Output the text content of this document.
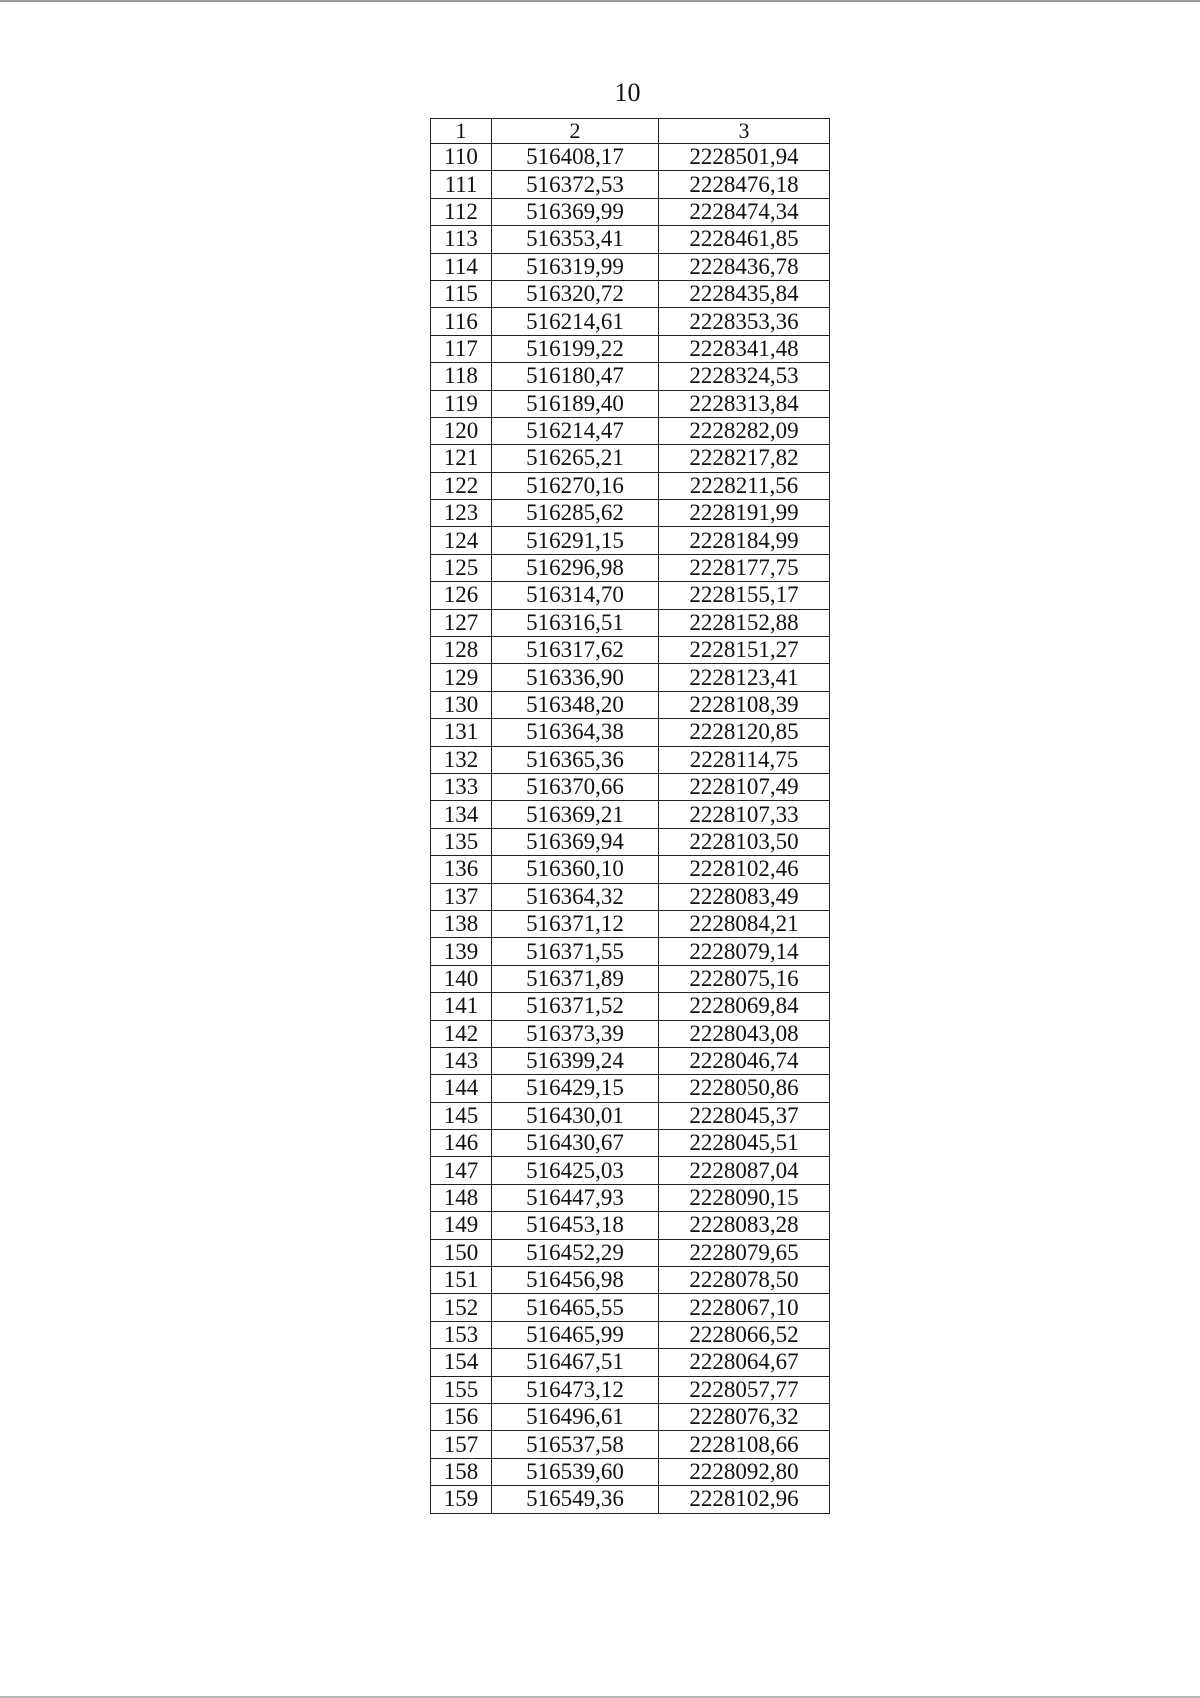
10
1	2	3
110	516408,17	2228501,94
111	516372,53	2228476,18
112	516369,99	2228474,34
113	516353,41	2228461,85
114	516319,99	2228436,78
115	516320,72	2228435,84
116	516214,61	2228353,36
117	516199,22	2228341,48
118	516180,47	2228324,53
119	516189,40	2228313,84
120	516214,47	2228282,09
121	516265,21	2228217,82
122	516270,16	2228211,56
123	516285,62	2228191,99
124	516291,15	2228184,99
125	516296,98	2228177,75
126	516314,70	2228155,17
127	516316,51	2228152,88
128	516317,62	2228151,27
129	516336,90	2228123,41
130	516348,20	2228108,39
131	516364,38	2228120,85
132	516365,36	2228114,75
133	516370,66	2228107,49
134	516369,21	2228107,33
135	516369,94	2228103,50
136	516360,10	2228102,46
137	516364,32	2228083,49
138	516371,12	2228084,21
139	516371,55	2228079,14
140	516371,89	2228075,16
141	516371,52	2228069,84
142	516373,39	2228043,08
143	516399,24	2228046,74
144	516429,15	2228050,86
145	516430,01	2228045,37
146	516430,67	2228045,51
147	516425,03	2228087,04
148	516447,93	2228090,15
149	516453,18	2228083,28
150	516452,29	2228079,65
151	516456,98	2228078,50
152	516465,55	2228067,10
153	516465,99	2228066,52
154	516467,51	2228064,67
155	516473,12	2228057,77
156	516496,61	2228076,32
157	516537,58	2228108,66
158	516539,60	2228092,80
159	516549,36	2228102,96
